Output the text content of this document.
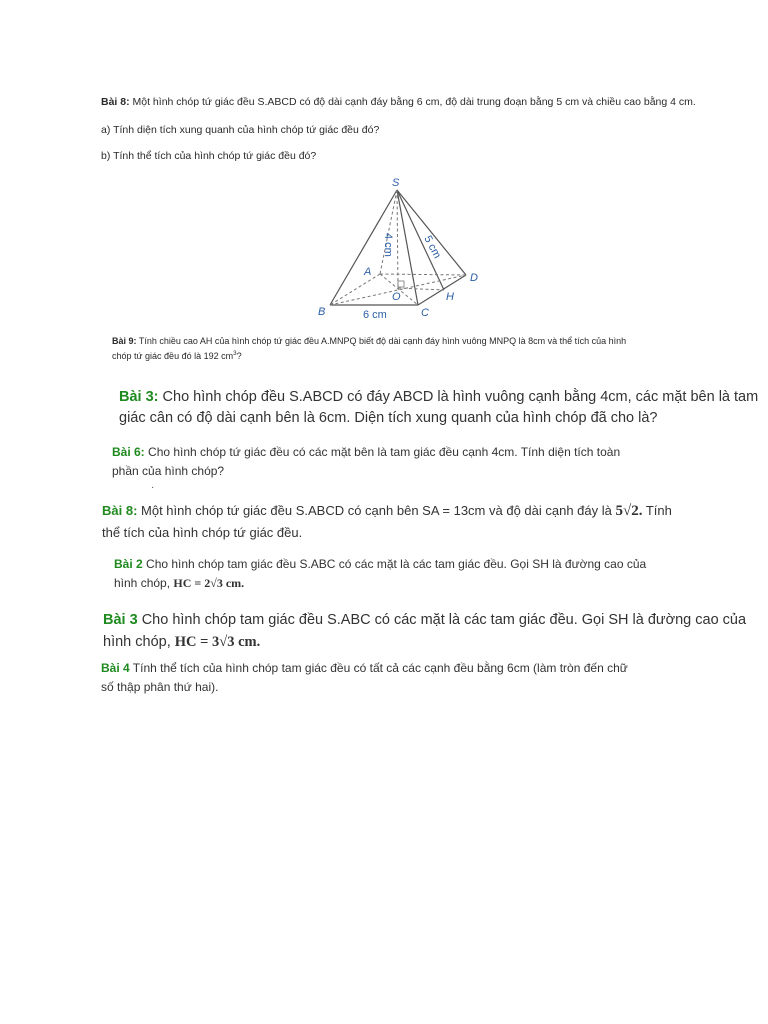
Bài 8: Một hình chóp tứ giác đều S.ABCD có độ dài cạnh đáy bằng 6 cm, độ dài trung đoạn bằng 5 cm và chiều cao bằng 4 cm.
a) Tính diện tích xung quanh của hình chóp tứ giác đều đó?
b) Tính thể tích của hình chóp tứ giác đều đó?
S
A
B	C
D
O	H
6 cm
4 cm 5 cm
Bài 9: Tính chiều cao AH của hình chóp tứ giác đều A.MNPQ biết độ dài cạnh đáy hình vuông MNPQ là 8cm và thể tích của hình
chóp tứ giác đều đó là 192 $cm^3$?
Bài 3: Cho hình chóp đều S.ABCD có đáy ABCD là hình vuông cạnh bằng 4cm, các mặt bên là tam
giác cân có độ dài cạnh bên là 6cm. Diện tích xung quanh của hình chóp đã cho là?
Bài 6: Cho hình chóp tứ giác đều có các mặt bên là tam giác đều cạnh 4cm. Tính diện tích toàn
phần của hình chóp?
·
Bài 8: Một hình chóp tứ giác đều S.ABCD có cạnh bên SA = 13cm và độ dài cạnh đáy là 5√2. Tính
thể tích của hình chóp tứ giác đều.
Bài 2 Cho hình chóp tam giác đều S.ABC có các mặt là các tam giác đều. Gọi SH là đường cao của
hình chóp, HC = 2√3 cm.
Bài 3 Cho hình chóp tam giác đều S.ABC có các mặt là các tam giác đều. Gọi SH là đường cao của
hình chóp, HC = 3√3 cm.
Bài 4 Tính thể tích của hình chóp tam giác đều có tất cả các cạnh đều bằng 6cm (làm tròn đến chữ
số thập phân thứ hai).
